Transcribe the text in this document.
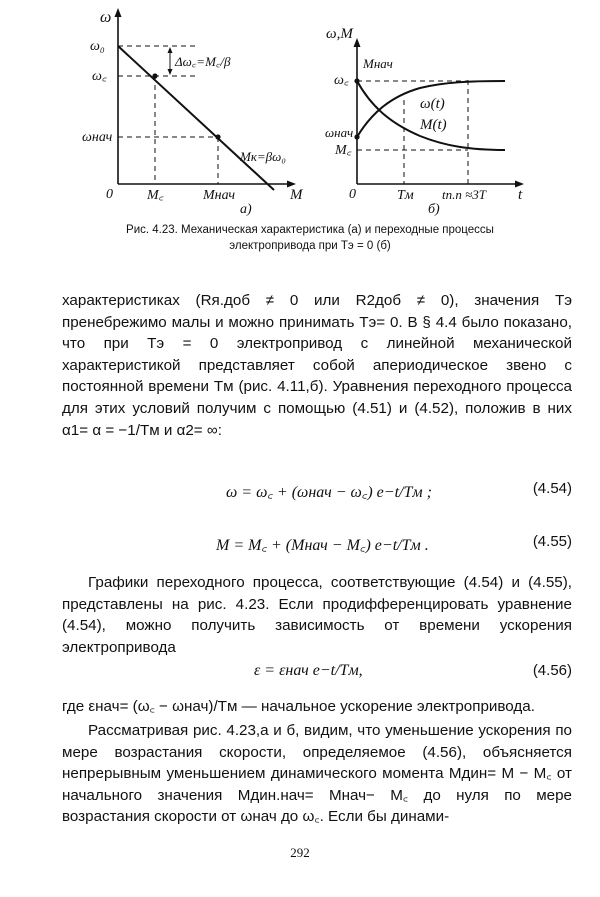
ω
ω₀
ω꜀
ωнач
Δω꜀=M꜀/β
Mк=βω₀
0 M꜀	Mнач	M
а)
ω,M
Mнач
ω꜀
ωнач
M꜀
ω(t)
M(t)
0	Tм tп.п ≈3T t
б)
Рис. 4.23. Механическая характеристика (а) и переходные процессы
электропривода при Tэ = 0 (б)
характеристиках (Rя.доб ≠ 0 или R2доб ≠ 0), значения Tэ пренебрежимо малы и можно принимать Tэ= 0. В § 4.4 было показано, что при Tэ = 0 электропривод с линейной механической характеристикой представляет собой апериодическое звено с постоянной времени Tм (рис. 4.11,б). Уравнения переходного процесса для этих условий получим с помощью (4.51) и (4.52), положив в них α1= α = −1/Tм и α2= ∞:
ω = ω꜀ + (ωнач − ω꜀) e−t/Tм ;	(4.54)
M = M꜀ + (Mнач − M꜀) e−t/Tм .	(4.55)
Графики переходного процесса, соответствующие (4.54) и (4.55), представлены на рис. 4.23. Если продифференцировать уравнение (4.54), можно получить зависимость от времени ускорения электропривода
ε = εнач e−t/Tм,	(4.56)
где εнач= (ω꜀ − ωнач)/Tм — начальное ускорение электропривода.
Рассматривая рис. 4.23,а и б, видим, что уменьшение ускорения по мере возрастания скорости, определяемое (4.56), объясняется непрерывным уменьшением динамического момента Mдин= M − M꜀ от начального значения Mдин.нач= Mнач− M꜀ до нуля по мере возрастания скорости от ωнач до ω꜀. Если бы динами-
292
